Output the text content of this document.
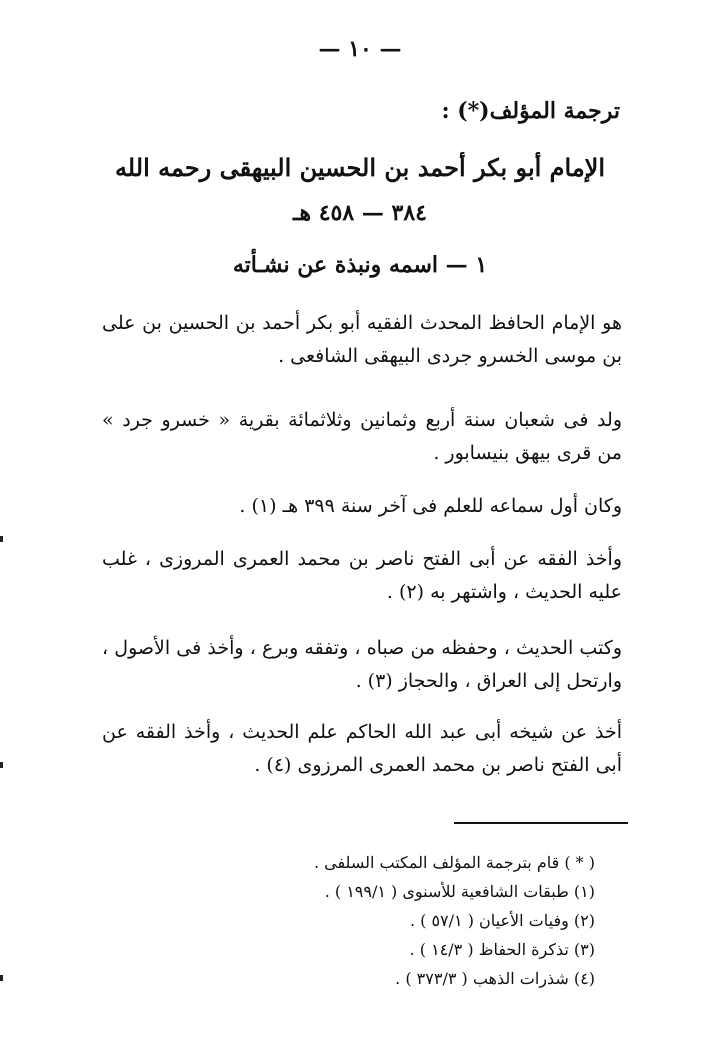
— ١٠ —
ترجمة المؤلف(*) :
الإمام أبو بكر أحمد بن الحسين البيهقى رحمه الله
٣٨٤ — ٤٥٨ هـ
١ — اسمه ونبذة عن نشـأته

هو الإمام الحافظ المحدث الفقيه أبو بكر أحمد بن الحسين بن على بن موسى الخسرو جردى البيهقى الشافعى .

ولد فى شعبان سنة أربع وثمانين وثلاثمائة بقرية « خسرو جرد » من قرى بيهق بنيسابور .

وكان أول سماعه للعلم فى آخر سنة ٣٩٩ هـ (١) .

وأخذ الفقه عن أبى الفتح ناصر بن محمد العمرى المروزى ، غلب عليه الحديث ، واشتهر به (٢) .

وكتب الحديث ، وحفظه من صباه ، وتفقه وبرع ، وأخذ فى الأصول ، وارتحل إلى العراق ، والحجاز (٣) .

أخذ عن شيخه أبى عبد الله الحاكم علم الحديث ، وأخذ الفقه عن أبى الفتح ناصر بن محمد العمرى المرزوى (٤) .

( * ) قام بترجمة المؤلف المكتب السلفى .
(١) طبقات الشافعية للأسنوى ( ١٩٩/١ ) .
(٢) وفيات الأعيان ( ٥٧/١ ) .
(٣) تذكرة الحفاظ ( ١٤/٣ ) .
(٤) شذرات الذهب ( ٣٧٣/٣ ) .
